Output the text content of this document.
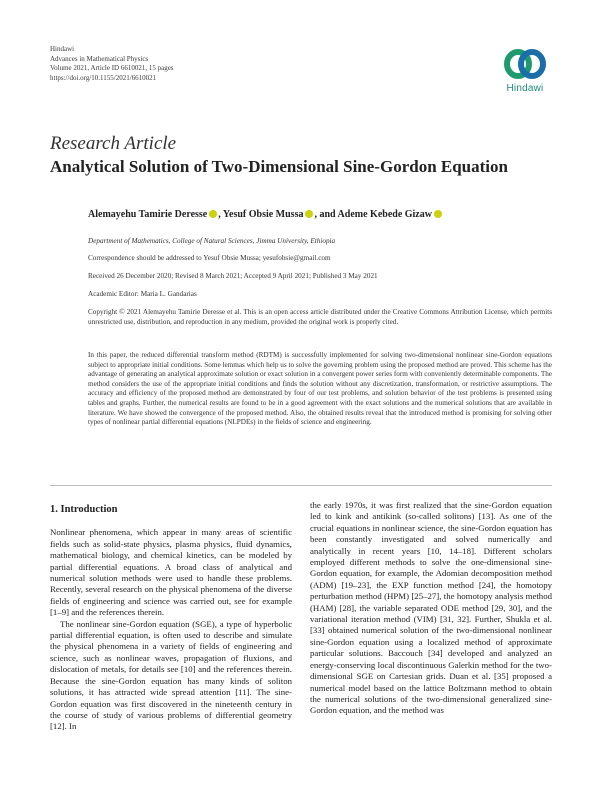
Hindawi
Advances in Mathematical Physics
Volume 2021, Article ID 6610021, 15 pages
https://doi.org/10.1155/2021/6610021
Hindawi
Research Article
Analytical Solution of Two-Dimensional Sine-Gordon Equation
Alemayehu Tamirie Deresse , Yesuf Obsie Mussa , and Ademe Kebede Gizaw
Department of Mathematics, College of Natural Sciences, Jimma University, Ethiopia
Correspondence should be addressed to Yesuf Obsie Mussa; yesufobsie@gmail.com
Received 26 December 2020; Revised 8 March 2021; Accepted 9 April 2021; Published 3 May 2021
Academic Editor: Maria L. Gandarias
Copyright © 2021 Alemayehu Tamirie Deresse et al. This is an open access article distributed under the Creative Commons Attribution License, which permits unrestricted use, distribution, and reproduction in any medium, provided the original work is properly cited.
In this paper, the reduced differential transform method (RDTM) is successfully implemented for solving two-dimensional nonlinear sine-Gordon equations subject to appropriate initial conditions. Some lemmas which help us to solve the governing problem using the proposed method are proved. This scheme has the advantage of generating an analytical approximate solution or exact solution in a convergent power series form with conveniently determinable components. The method considers the use of the appropriate initial conditions and finds the solution without any discretization, transformation, or restrictive assumptions. The accuracy and efficiency of the proposed method are demonstrated by four of our test problems, and solution behavior of the test problems is presented using tables and graphs. Further, the numerical results are found to be in a good agreement with the exact solutions and the numerical solutions that are available in literature. We have showed the convergence of the proposed method. Also, the obtained results reveal that the introduced method is promising for solving other types of nonlinear partial differential equations (NLPDEs) in the fields of science and engineering.
1. Introduction

Nonlinear phenomena, which appear in many areas of scientific fields such as solid-state physics, plasma physics, fluid dynamics, mathematical biology, and chemical kinetics, can be modeled by partial differential equations. A broad class of analytical and numerical solution methods were used to handle these problems. Recently, several research on the physical phenomena of the diverse fields of engineering and science was carried out, see for example [1–9] and the references therein.

The nonlinear sine-Gordon equation (SGE), a type of hyperbolic partial differential equation, is often used to describe and simulate the physical phenomena in a variety of fields of engineering and science, such as nonlinear waves, propagation of fluxions, and dislocation of metals, for details see [10] and the references therein. Because the sine-Gordon equation has many kinds of soliton solutions, it has attracted wide spread attention [11]. The sine-Gordon equation was first discovered in the nineteenth century in the course of study of various problems of differential geometry [12]. In

the early 1970s, it was first realized that the sine-Gordon equation led to kink and antikink (so-called solitons) [13]. As one of the crucial equations in nonlinear science, the sine-Gordon equation has been constantly investigated and solved numerically and analytically in recent years [10, 14–18]. Different scholars employed different methods to solve the one-dimensional sine-Gordon equation, for example, the Adomian decomposition method (ADM) [19–23], the EXP function method [24], the homotopy perturbation method (HPM) [25–27], the homotopy analysis method (HAM) [28], the variable separated ODE method [29, 30], and the variational iteration method (VIM) [31, 32]. Further, Shukla et al. [33] obtained numerical solution of the two-dimensional nonlinear sine-Gordon equation using a localized method of approximate particular solutions. Baccouch [34] developed and analyzed an energy-conserving local discontinuous Galerkin method for the two-dimensional SGE on Cartesian grids. Duan et al. [35] proposed a numerical model based on the lattice Boltzmann method to obtain the numerical solutions of the two-dimensional generalized sine-Gordon equation, and the method was
